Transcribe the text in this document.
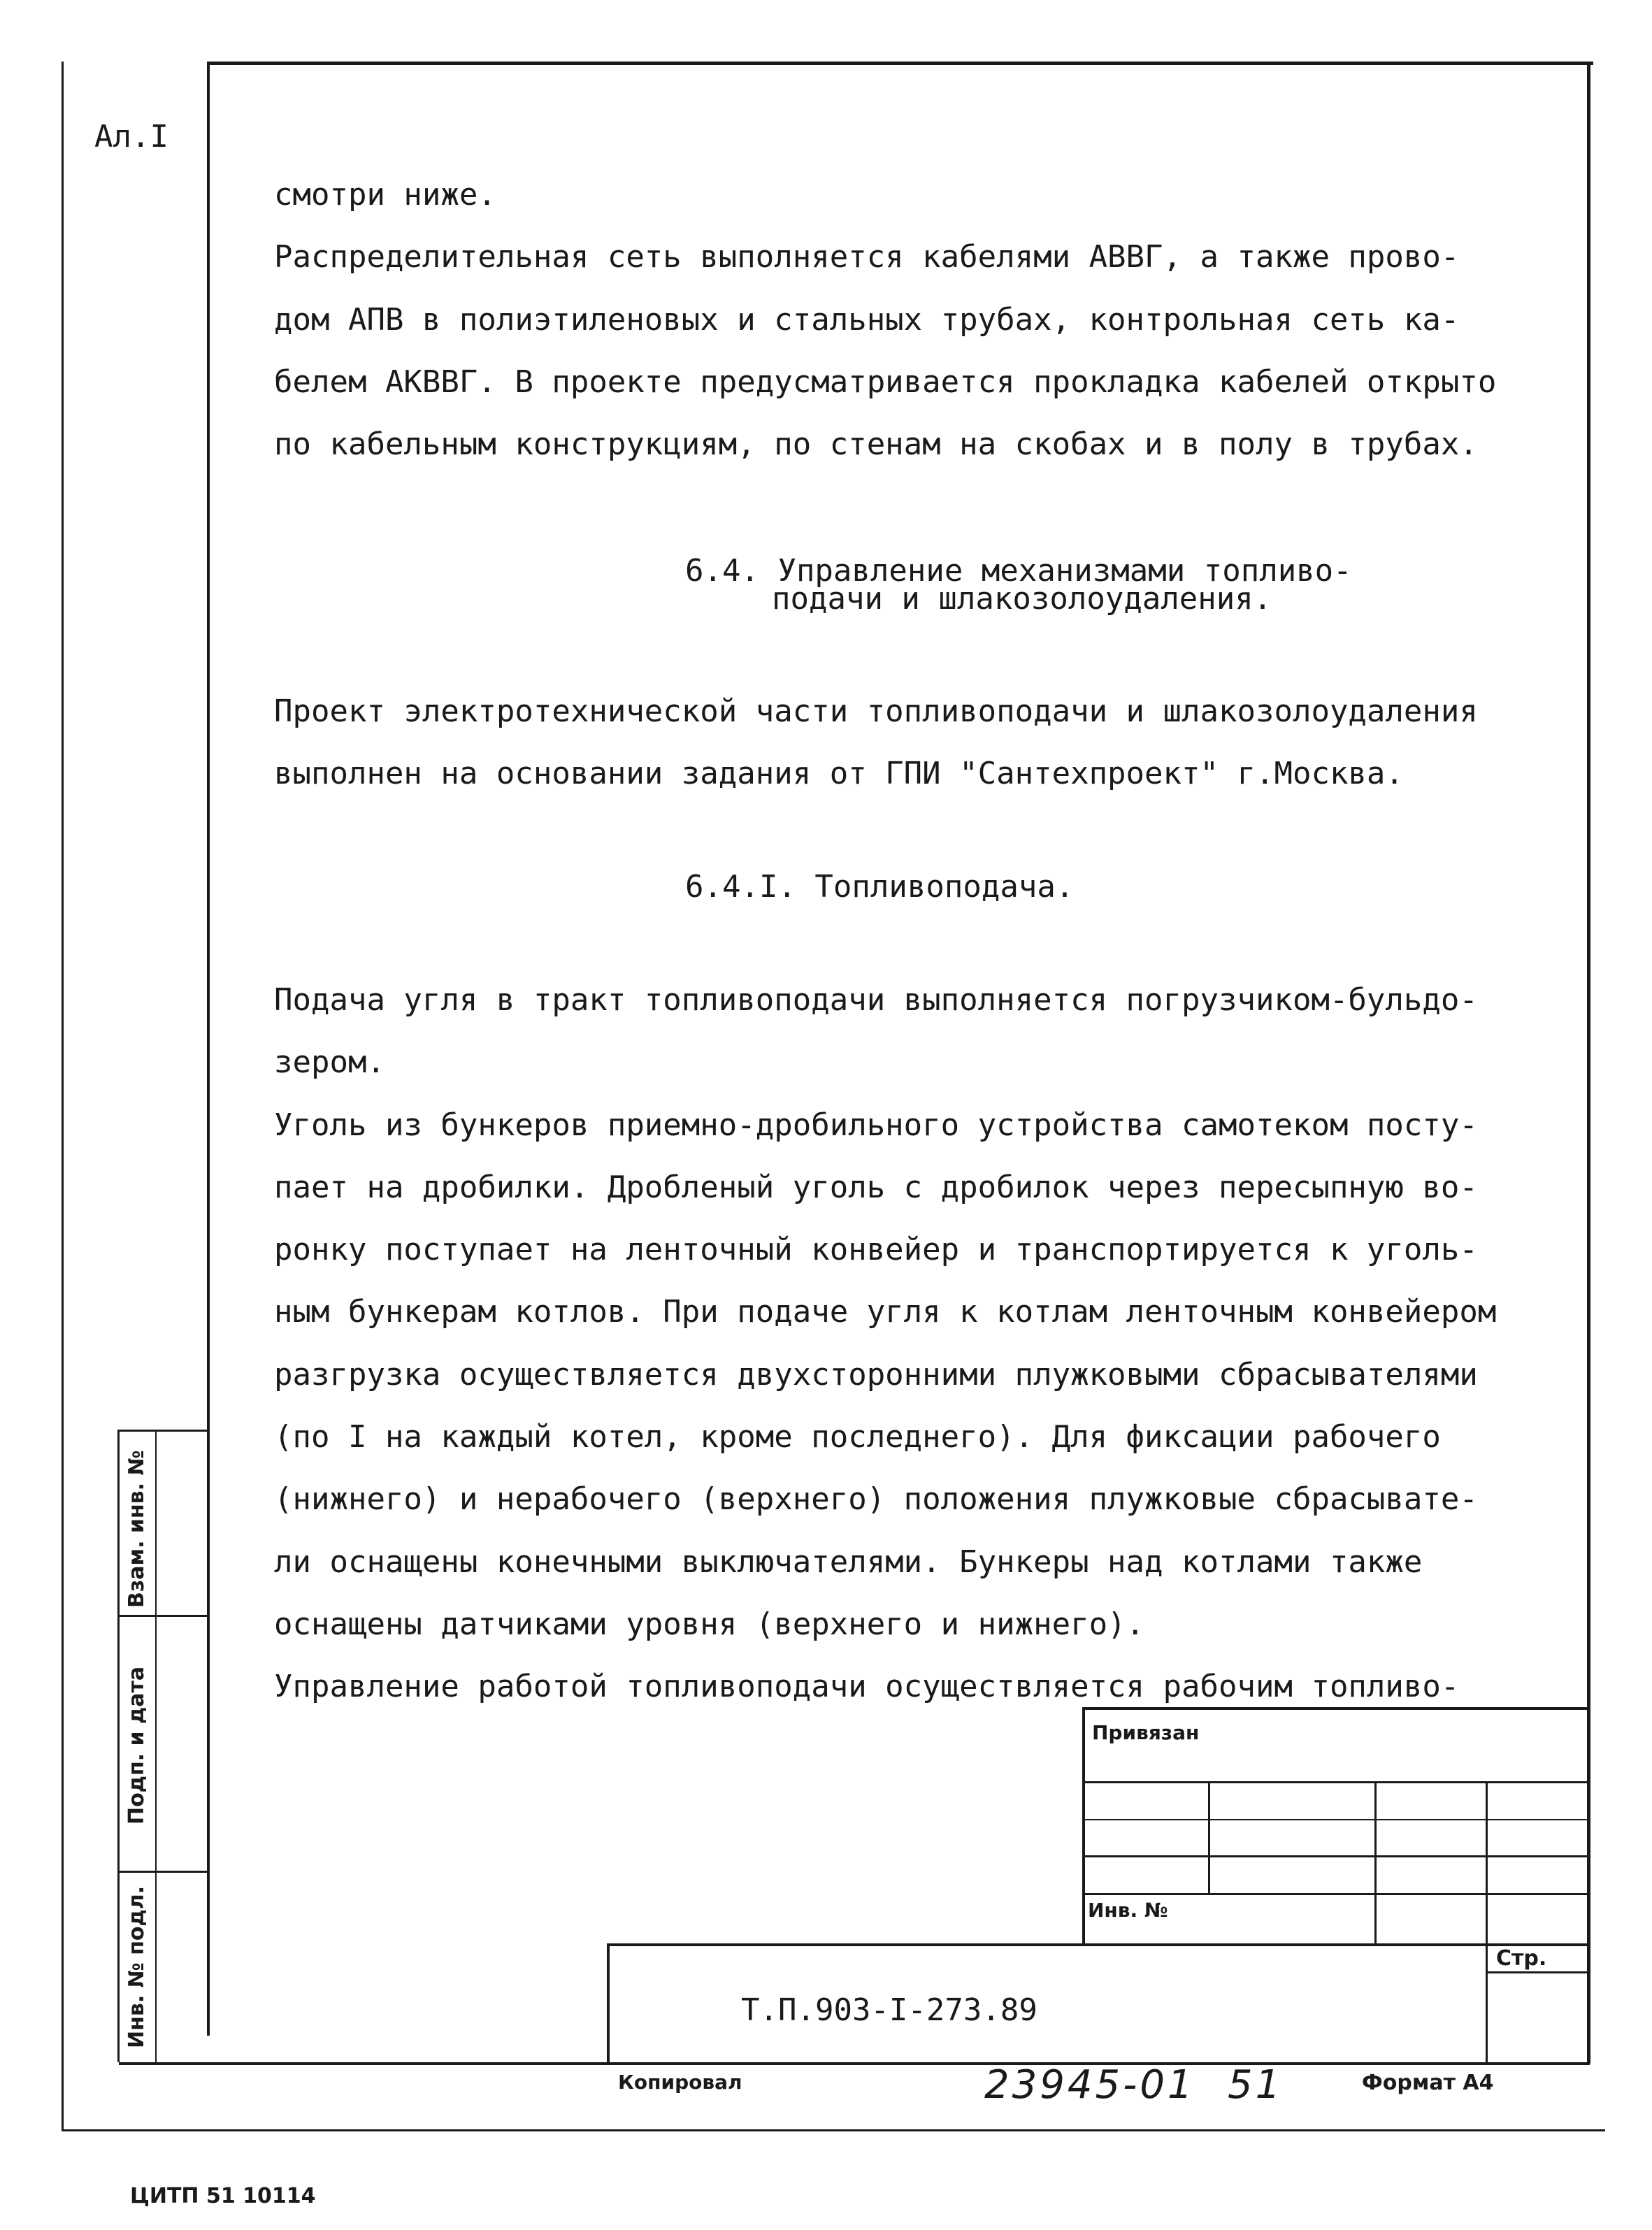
Ал.I

смотри ниже.

Распределительная сеть выполняется кабелями АВВГ, а также прово-

дом АПВ в полиэтиленовых и стальных трубах, контрольная сеть ка-

белем АКВВГ. В проекте предусматривается прокладка кабелей открыто

по кабельным конструкциям, по стенам на скобах и в полу в трубах.

6.4. Управление механизмами топливо-
подачи и шлакозолоудаления.

Проект электротехнической части топливоподачи и шлакозолоудаления

выполнен на основании задания от ГПИ "Сантехпроект" г.Москва.

6.4.I. Топливоподача.

Подача угля в тракт топливоподачи выполняется погрузчиком-бульдо-

зером.

Уголь из бункеров приемно-дробильного устройства самотеком посту-

пает на дробилки. Дробленый уголь с дробилок через пересыпную во-

ронку поступает на ленточный конвейер и транспортируется к уголь-

ным бункерам котлов. При подаче угля к котлам ленточным конвейером

разгрузка осуществляется двухсторонними плужковыми сбрасывателями

(по I на каждый котел, кроме последнего). Для фиксации рабочего

(нижнего) и нерабочего (верхнего) положения плужковые сбрасывате-

ли оснащены конечными выключателями. Бункеры над котлами также

оснащены датчиками уровня (верхнего и нижнего).

Управление работой топливоподачи осуществляется рабочим топливо-

Взам. инв. №
Подп. и дата
Инв. № подл.
Привязан
Инв. №
Стр.
Т.П.903-I-273.89
Копировал	23945-01 51	Формат А4
ЦИТП 51 10114
